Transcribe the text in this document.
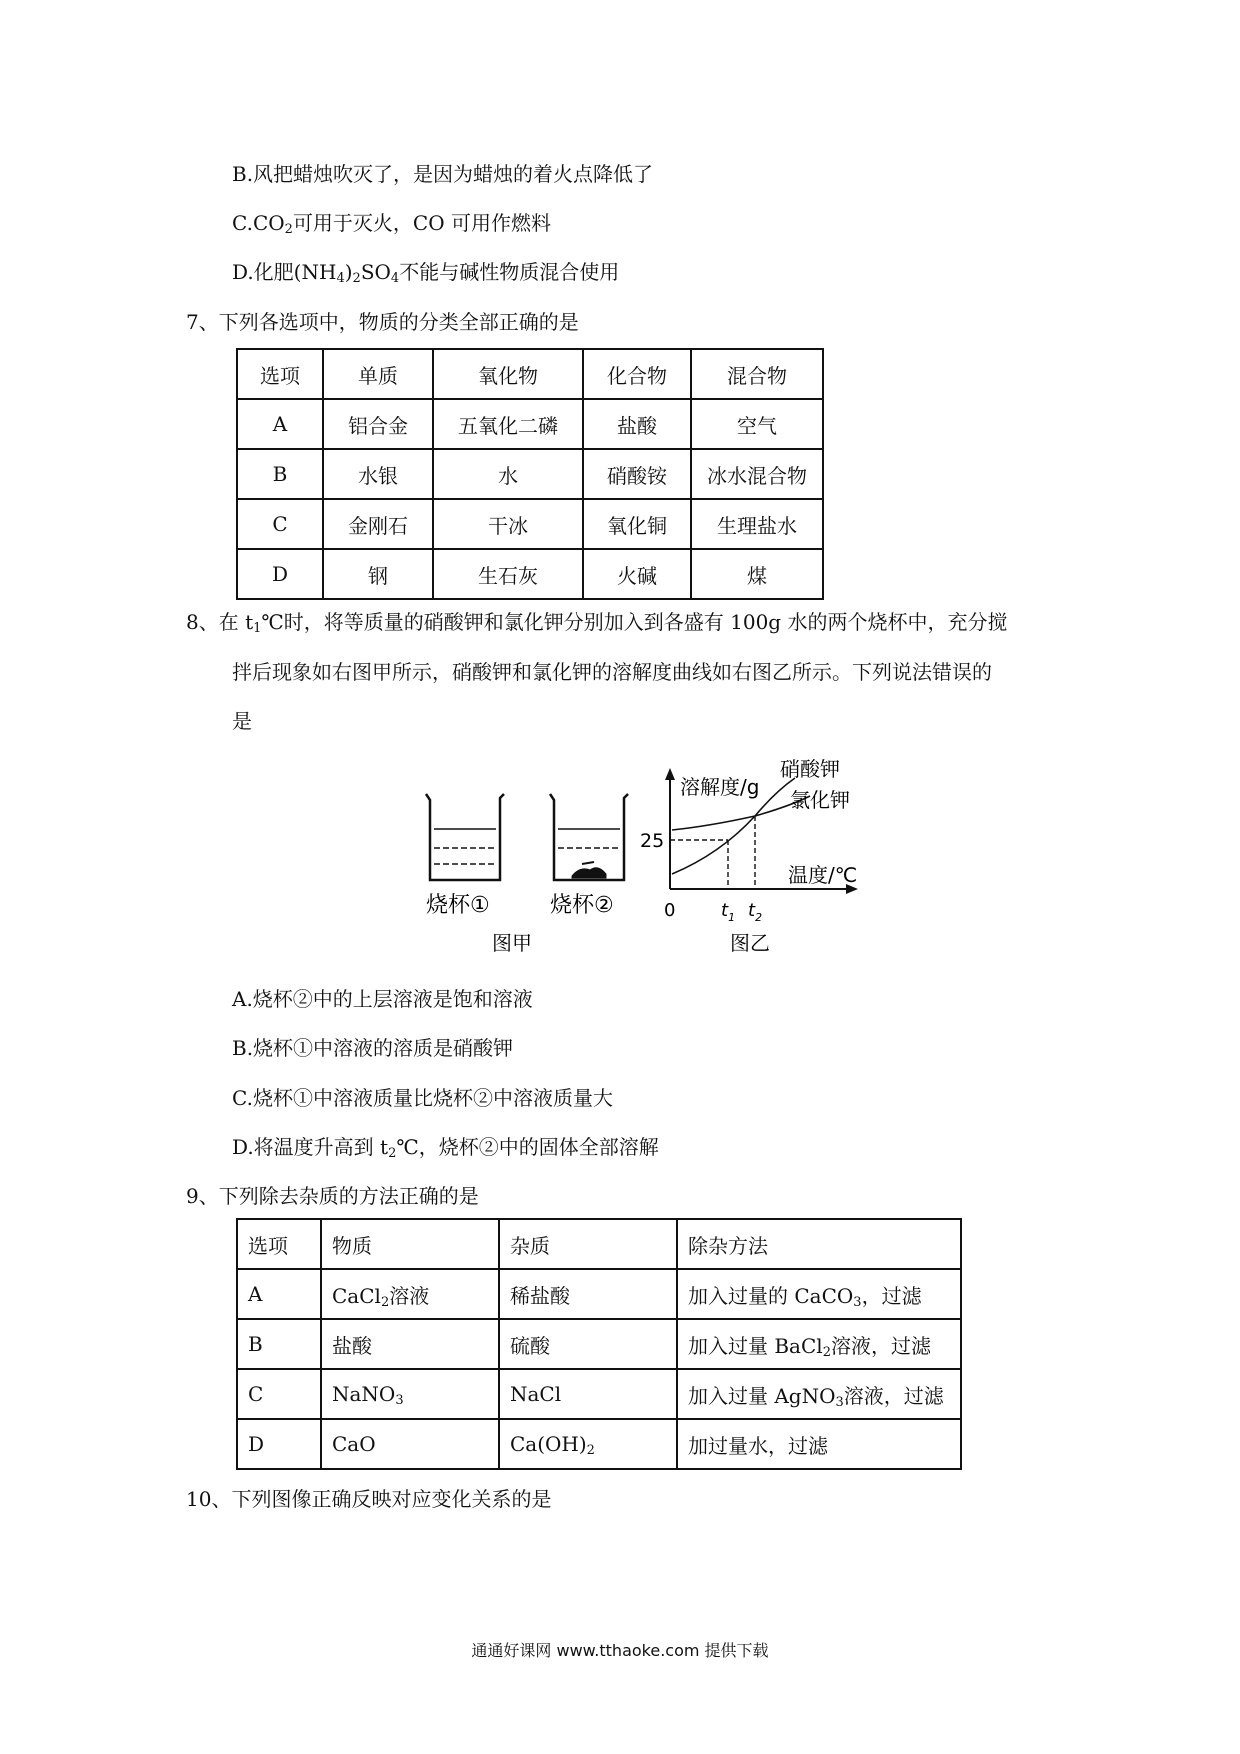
B.风把蜡烛吹灭了，是因为蜡烛的着火点降低了
$C.CO_2$可用于灭火，CO 可用作燃料
D.化肥$(NH_4)_2SO_4$不能与碱性物质混合使用
7、下列各选项中，物质的分类全部正确的是
选项	单质	氧化物	化合物	混合物
A	铝合金	五氧化二磷	盐酸	空气
B	水银	水	硝酸铵	冰水混合物
C	金刚石	干冰	氧化铜	生理盐水
D	钢	生石灰	火碱	煤
8、在 $t_1℃$时，将等质量的硝酸钾和氯化钾分别加入到各盛有 100g 水的两个烧杯中，充分搅
拌后现象如右图甲所示，硝酸钾和氯化钾的溶解度曲线如右图乙所示。下列说法错误的
是
烧杯①	烧杯②
图甲
溶解度/g
硝酸钾
氯化钾
25
温度/℃
0	$t_1$ $t_2$
图乙
A.烧杯②中的上层溶液是饱和溶液
B.烧杯①中溶液的溶质是硝酸钾
C.烧杯①中溶液质量比烧杯②中溶液质量大
D.将温度升高到 $t_2℃$，烧杯②中的固体全部溶解
9、下列除去杂质的方法正确的是
选项	物质	杂质	除杂方法
A	CaCl$_2$溶液	稀盐酸	加入过量的 CaCO$_3$，过滤
B	盐酸	硫酸	加入过量 BaCl$_2$溶液，过滤
C	NaNO$_3$	NaCl	加入过量 AgNO$_3$溶液，过滤
D	CaO	$Ca(OH)_2$	加过量水，过滤
10、下列图像正确反映对应变化关系的是
通通好课网 www.tthaoke.com 提供下载
